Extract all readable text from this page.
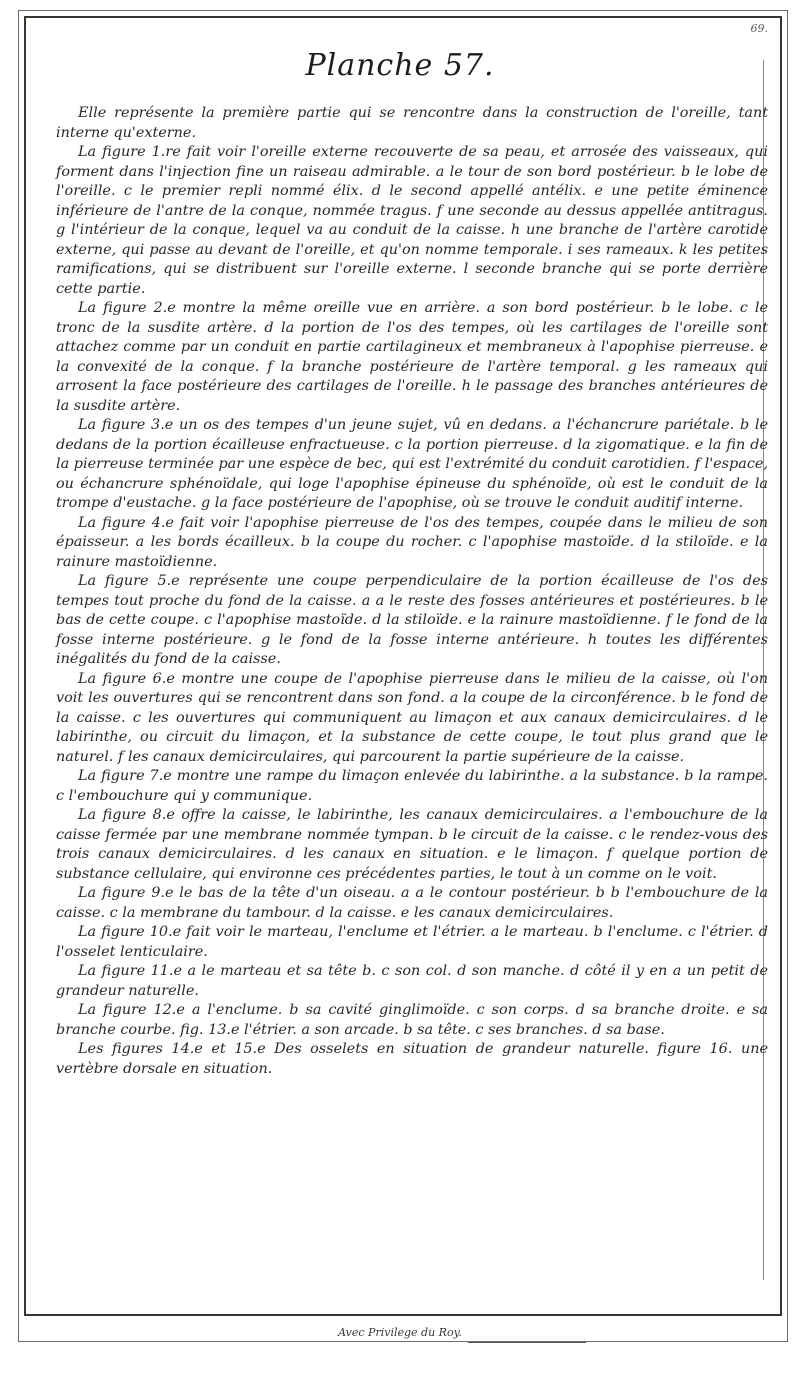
69.
Planche 57.

Elle représente la première partie qui se rencontre dans la construction de l'oreille, tant interne qu'externe.

La figure 1.re fait voir l'oreille externe recouverte de sa peau, et arrosée des vaisseaux, qui forment dans l'injection fine un raiseau admirable. a le tour de son bord postérieur. b le lobe de l'oreille. c le premier repli nommé élix. d le second appellé antélix. e une petite éminence inférieure de l'antre de la conque, nommée tragus. f une seconde au dessus appellée antitragus. g l'intérieur de la conque, lequel va au conduit de la caisse. h une branche de l'artère carotide externe, qui passe au devant de l'oreille, et qu'on nomme temporale. i ses rameaux. k les petites ramifications, qui se distribuent sur l'oreille externe. l seconde branche qui se porte derrière cette partie.

La figure 2.e montre la même oreille vue en arrière. a son bord postérieur. b le lobe. c le tronc de la susdite artère. d la portion de l'os des tempes, où les cartilages de l'oreille sont attachez comme par un conduit en partie cartilagineux et membraneux à l'apophise pierreuse. e la convexité de la conque. f la branche postérieure de l'artère temporal. g les rameaux qui arrosent la face postérieure des cartilages de l'oreille. h le passage des branches antérieures de la susdite artère.

La figure 3.e un os des tempes d'un jeune sujet, vû en dedans. a l'échancrure pariétale. b le dedans de la portion écailleuse enfractueuse. c la portion pierreuse. d la zigomatique. e la fin de la pierreuse terminée par une espèce de bec, qui est l'extrémité du conduit carotidien. f l'espace, ou échancrure sphénoïdale, qui loge l'apophise épineuse du sphénoïde, où est le conduit de la trompe d'eustache. g la face postérieure de l'apophise, où se trouve le conduit auditif interne.

La figure 4.e fait voir l'apophise pierreuse de l'os des tempes, coupée dans le milieu de son épaisseur. a les bords écailleux. b la coupe du rocher. c l'apophise mastoïde. d la stiloïde. e la rainure mastoïdienne.

La figure 5.e représente une coupe perpendiculaire de la portion écailleuse de l'os des tempes tout proche du fond de la caisse. a a le reste des fosses antérieures et postérieures. b le bas de cette coupe. c l'apophise mastoïde. d la stiloïde. e la rainure mastoïdienne. f le fond de la fosse interne postérieure. g le fond de la fosse interne antérieure. h toutes les différentes inégalités du fond de la caisse.

La figure 6.e montre une coupe de l'apophise pierreuse dans le milieu de la caisse, où l'on voit les ouvertures qui se rencontrent dans son fond. a la coupe de la circonférence. b le fond de la caisse. c les ouvertures qui communiquent au limaçon et aux canaux demicirculaires. d le labirinthe, ou circuit du limaçon, et la substance de cette coupe, le tout plus grand que le naturel. f les canaux demicirculaires, qui parcourent la partie supérieure de la caisse.

La figure 7.e montre une rampe du limaçon enlevée du labirinthe. a la substance. b la rampe. c l'embouchure qui y communique.

La figure 8.e offre la caisse, le labirinthe, les canaux demicirculaires. a l'embouchure de la caisse fermée par une membrane nommée tympan. b le circuit de la caisse. c le rendez-vous des trois canaux demicirculaires. d les canaux en situation. e le limaçon. f quelque portion de substance cellulaire, qui environne ces précédentes parties, le tout à un comme on le voit.

La figure 9.e le bas de la tête d'un oiseau. a a le contour postérieur. b b l'embouchure de la caisse. c la membrane du tambour. d la caisse. e les canaux demicirculaires.

La figure 10.e fait voir le marteau, l'enclume et l'étrier. a le marteau. b l'enclume. c l'étrier. d l'osselet lenticulaire.

La figure 11.e a le marteau et sa tête b. c son col. d son manche. d côté il y en a un petit de grandeur naturelle.

La figure 12.e a l'enclume. b sa cavité ginglimoïde. c son corps. d sa branche droite. e sa branche courbe. fig. 13.e l'étrier. a son arcade. b sa tête. c ses branches. d sa base.

Les figures 14.e et 15.e Des osselets en situation de grandeur naturelle. figure 16. une vertèbre dorsale en situation.

Avec Privilege du Roy.
